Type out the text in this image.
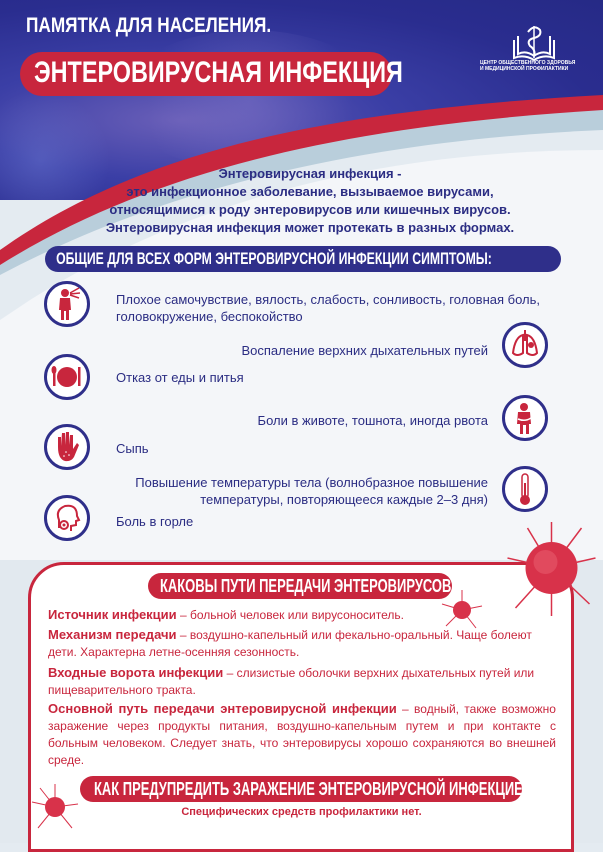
ПАМЯТКА ДЛЯ НАСЕЛЕНИЯ.
ЭНТЕРОВИРУСНАЯ ИНФЕКЦИЯ	ЦЕНТР ОБЩЕСТВЕННОГО ЗДОРОВЬЯ
И МЕДИЦИНСКОЙ ПРОФИЛАКТИКИ
Энтеровирусная инфекция -
это инфекционное заболевание, вызываемое вирусами,
относящимися к роду энтеровирусов или кишечных вирусов.
Энтеровирусная инфекция может протекать в разных формах.
ОБЩИЕ ДЛЯ ВСЕХ ФОРМ ЭНТЕРОВИРУСНОЙ ИНФЕКЦИИ СИМПТОМЫ:
Плохое самочувствие, вялость, слабость, сонливость, головная боль, головокружение, беспокойство
Воспаление верхних дыхательных путей
Отказ от еды и питья
Боли в животе, тошнота, иногда рвота
Сыпь
Повышение температуры тела (волнобразное повышение температуры, повторяющееся каждые 2–3 дня)
Боль в горле
КАКОВЫ ПУТИ ПЕРЕДАЧИ ЭНТЕРОВИРУСОВ?
Источник инфекции – больной человек или вирусоноситель.
Механизм передачи – воздушно-капельный или фекально-оральный. Чаще болеют дети. Характерна летне-осенняя сезонность.
Входные ворота инфекции – слизистые оболочки верхних дыхательных путей или пищеварительного тракта.
Основной путь передачи энтеровирусной инфекции – водный, также возможно заражение через продукты питания, воздушно-капельным путем и при контакте с больным человеком. Следует знать, что энтеровирусы хорошо сохраняются во внешней среде.
КАК ПРЕДУПРЕДИТЬ ЗАРАЖЕНИЕ ЭНТЕРОВИРУСНОЙ ИНФЕКЦИЕЙ?
Специфических средств профилактики нет.
